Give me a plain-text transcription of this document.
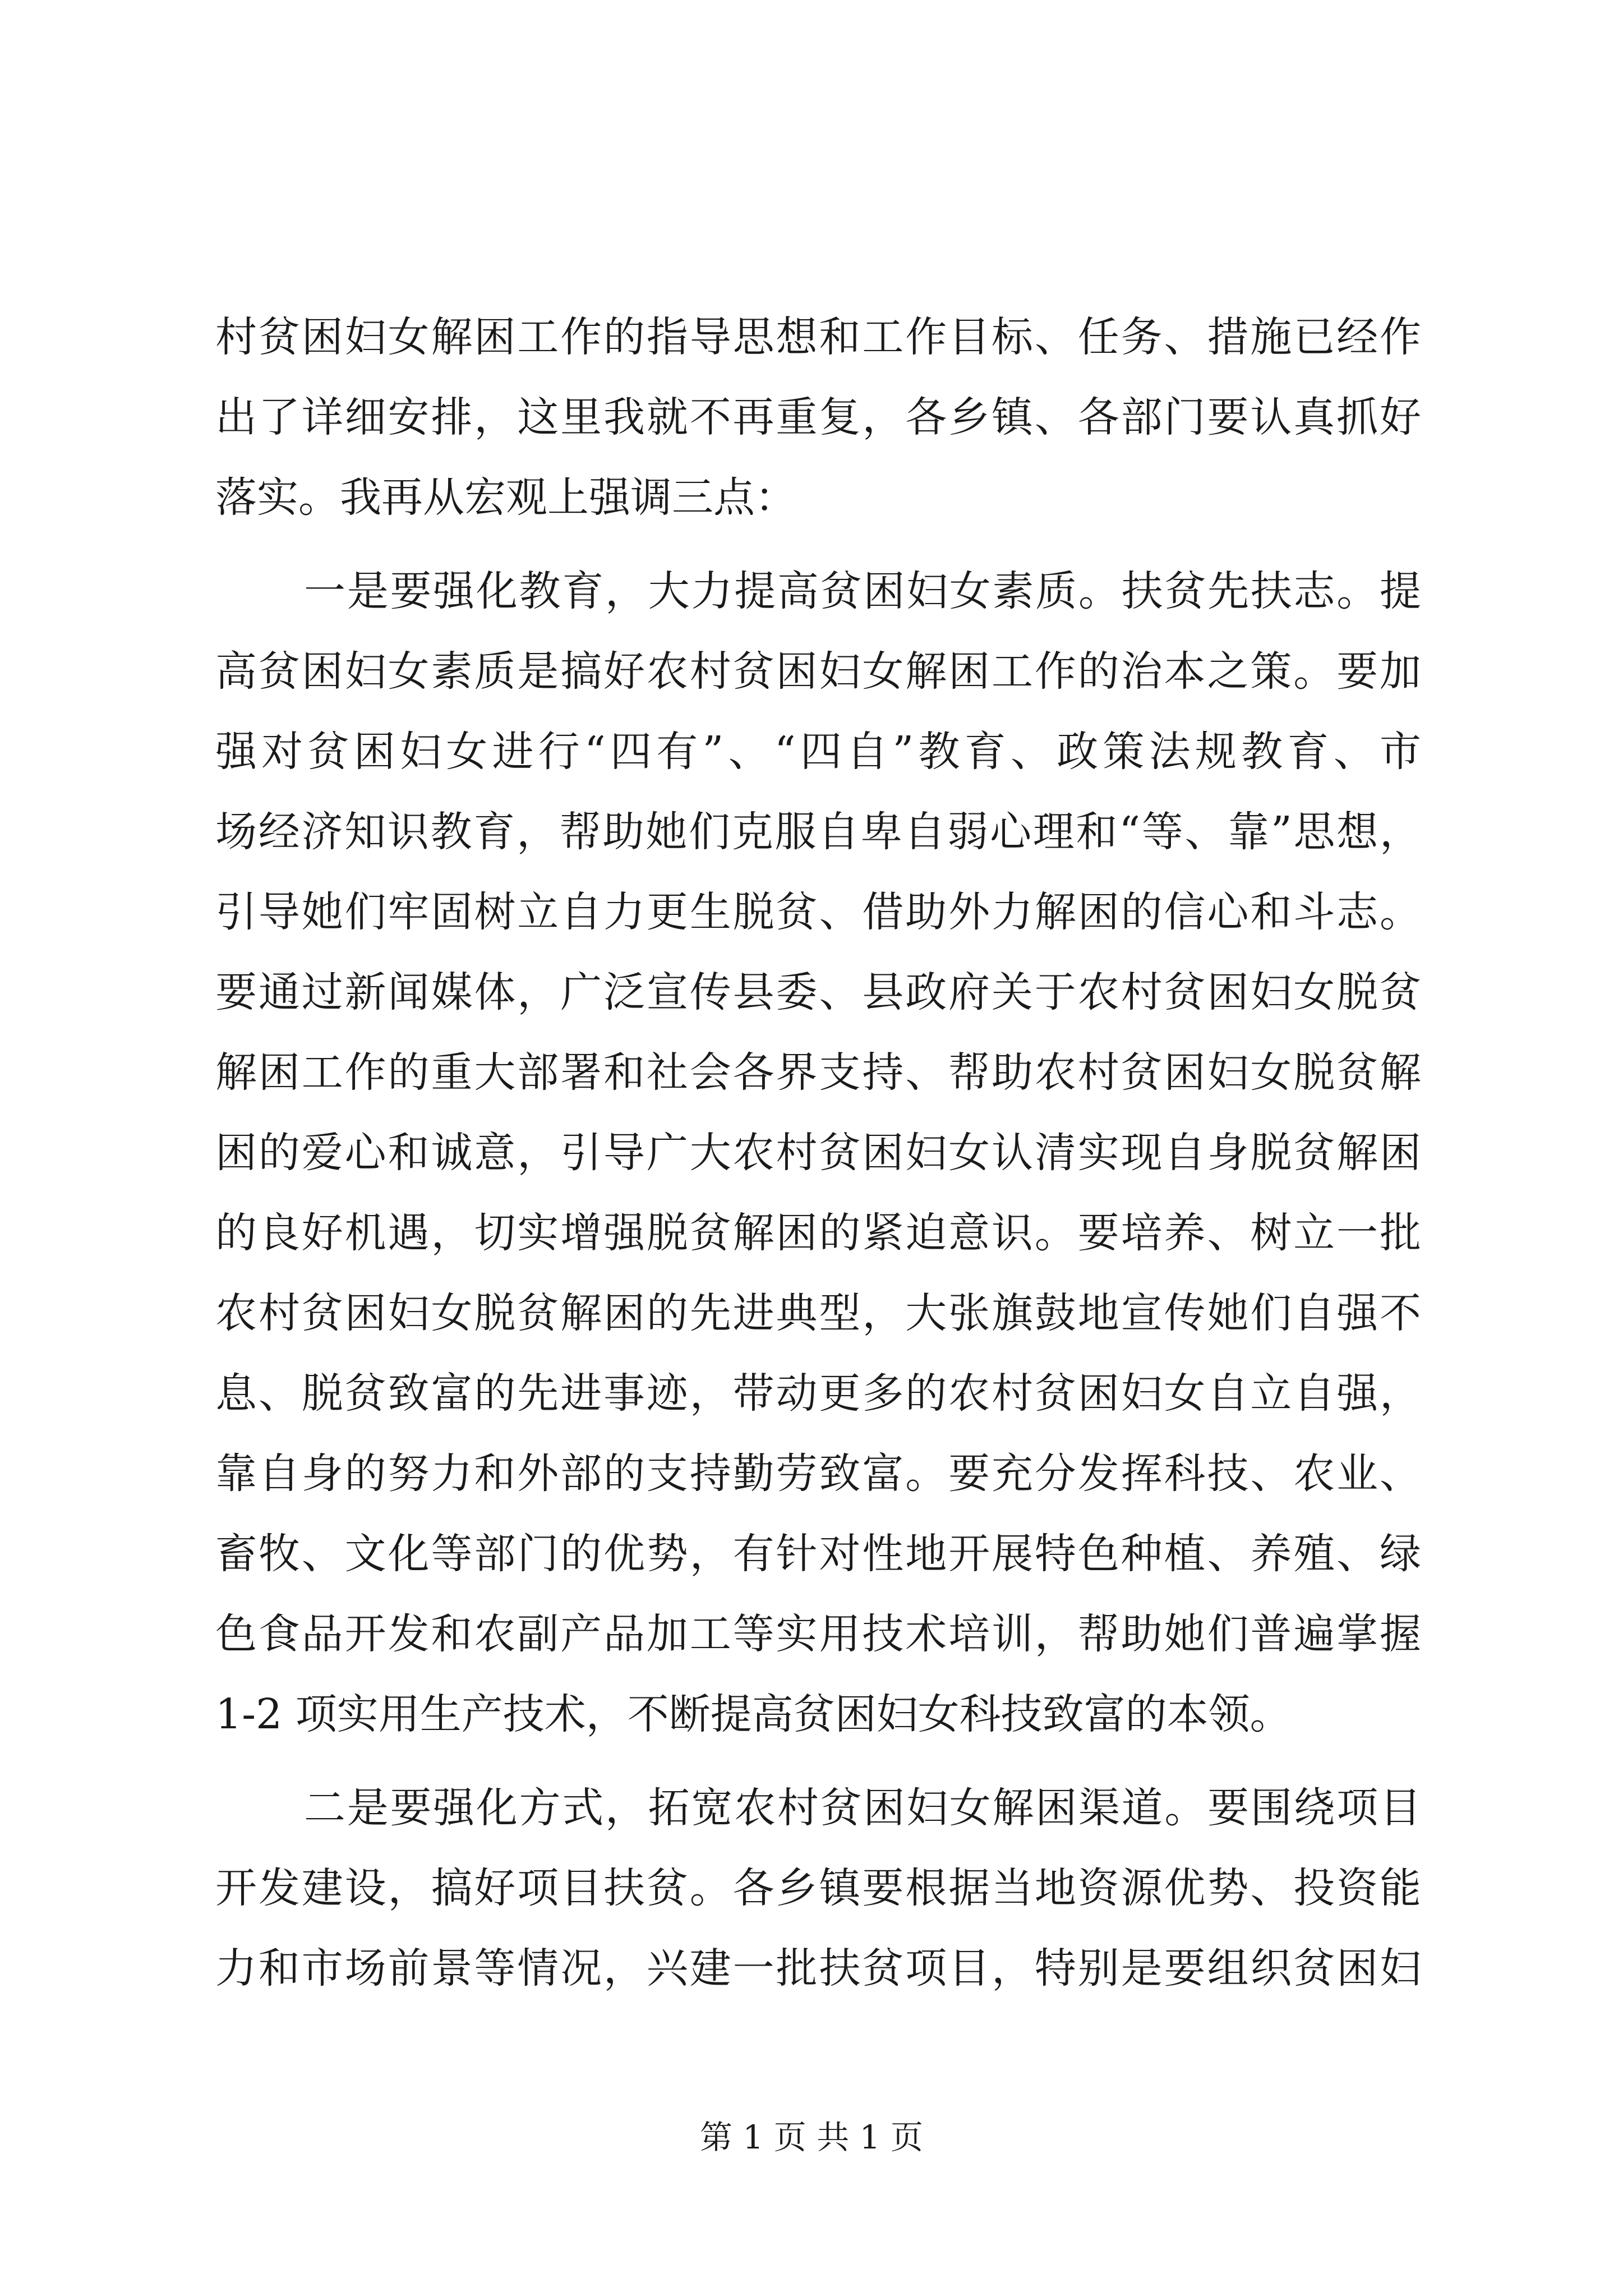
村贫困妇女解困工作的指导思想和工作目标、任务、措施已经作
出了详细安排，这里我就不再重复，各乡镇、各部门要认真抓好
落实。我再从宏观上强调三点：
一是要强化教育，大力提高贫困妇女素质。扶贫先扶志。提
高贫困妇女素质是搞好农村贫困妇女解困工作的治本之策。要加
强对贫困妇女进行“四有”、“四自”教育、政策法规教育、市
场经济知识教育，帮助她们克服自卑自弱心理和“等、靠”思想，
引导她们牢固树立自力更生脱贫、借助外力解困的信心和斗志。
要通过新闻媒体，广泛宣传县委、县政府关于农村贫困妇女脱贫
解困工作的重大部署和社会各界支持、帮助农村贫困妇女脱贫解
困的爱心和诚意，引导广大农村贫困妇女认清实现自身脱贫解困
的良好机遇，切实增强脱贫解困的紧迫意识。要培养、树立一批
农村贫困妇女脱贫解困的先进典型，大张旗鼓地宣传她们自强不
息、脱贫致富的先进事迹，带动更多的农村贫困妇女自立自强，
靠自身的努力和外部的支持勤劳致富。要充分发挥科技、农业、
畜牧、文化等部门的优势，有针对性地开展特色种植、养殖、绿
色食品开发和农副产品加工等实用技术培训，帮助她们普遍掌握
1-2 项实用生产技术，不断提高贫困妇女科技致富的本领。
二是要强化方式，拓宽农村贫困妇女解困渠道。要围绕项目
开发建设，搞好项目扶贫。各乡镇要根据当地资源优势、投资能
力和市场前景等情况，兴建一批扶贫项目，特别是要组织贫困妇
第 1 页 共 1 页
